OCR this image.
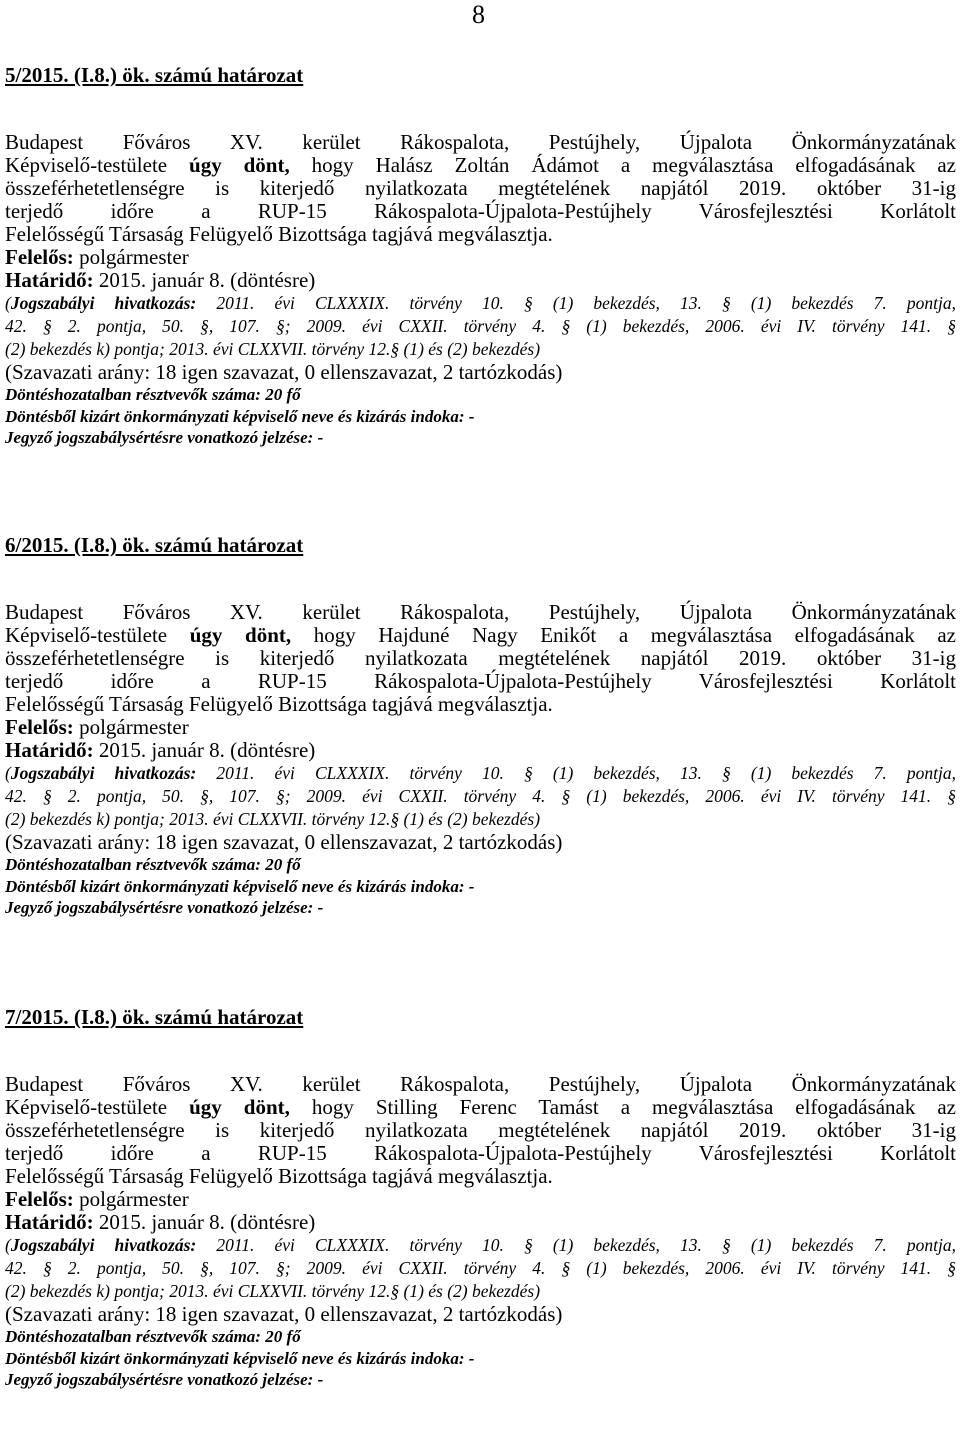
8
5/2015. (I.8.) ök. számú határozat
Budapest Főváros XV. kerület Rákospalota, Pestújhely, Újpalota Önkormányzatának
Képviselő-testülete úgy dönt, hogy Halász Zoltán Ádámot a megválasztása elfogadásának az
összeférhetetlenségre is kiterjedő nyilatkozata megtételének napjától 2019. október 31-ig
terjedő időre a RUP-15 Rákospalota-Újpalota-Pestújhely Városfejlesztési Korlátolt
Felelősségű Társaság Felügyelő Bizottsága tagjává megválasztja.
Felelős: polgármester
Határidő: 2015. január 8. (döntésre)
(Jogszabályi hivatkozás: 2011. évi CLXXXIX. törvény 10. § (1) bekezdés, 13. § (1) bekezdés 7. pontja,
42. § 2. pontja, 50. §, 107. §; 2009. évi CXXII. törvény 4. § (1) bekezdés, 2006. évi IV. törvény 141. §
(2) bekezdés k) pontja; 2013. évi CLXXVII. törvény 12.§ (1) és (2) bekezdés)
(Szavazati arány: 18 igen szavazat, 0 ellenszavazat, 2 tartózkodás)
Döntéshozatalban résztvevők száma: 20 fő
Döntésből kizárt önkormányzati képviselő neve és kizárás indoka: -
Jegyző jogszabálysértésre vonatkozó jelzése: -
6/2015. (I.8.) ök. számú határozat
Budapest Főváros XV. kerület Rákospalota, Pestújhely, Újpalota Önkormányzatának
Képviselő-testülete úgy dönt, hogy Hajduné Nagy Enikőt a megválasztása elfogadásának az
összeférhetetlenségre is kiterjedő nyilatkozata megtételének napjától 2019. október 31-ig
terjedő időre a RUP-15 Rákospalota-Újpalota-Pestújhely Városfejlesztési Korlátolt
Felelősségű Társaság Felügyelő Bizottsága tagjává megválasztja.
Felelős: polgármester
Határidő: 2015. január 8. (döntésre)
(Jogszabályi hivatkozás: 2011. évi CLXXXIX. törvény 10. § (1) bekezdés, 13. § (1) bekezdés 7. pontja,
42. § 2. pontja, 50. §, 107. §; 2009. évi CXXII. törvény 4. § (1) bekezdés, 2006. évi IV. törvény 141. §
(2) bekezdés k) pontja; 2013. évi CLXXVII. törvény 12.§ (1) és (2) bekezdés)
(Szavazati arány: 18 igen szavazat, 0 ellenszavazat, 2 tartózkodás)
Döntéshozatalban résztvevők száma: 20 fő
Döntésből kizárt önkormányzati képviselő neve és kizárás indoka: -
Jegyző jogszabálysértésre vonatkozó jelzése: -
7/2015. (I.8.) ök. számú határozat
Budapest Főváros XV. kerület Rákospalota, Pestújhely, Újpalota Önkormányzatának
Képviselő-testülete úgy dönt, hogy Stilling Ferenc Tamást a megválasztása elfogadásának az
összeférhetetlenségre is kiterjedő nyilatkozata megtételének napjától 2019. október 31-ig
terjedő időre a RUP-15 Rákospalota-Újpalota-Pestújhely Városfejlesztési Korlátolt
Felelősségű Társaság Felügyelő Bizottsága tagjává megválasztja.
Felelős: polgármester
Határidő: 2015. január 8. (döntésre)
(Jogszabályi hivatkozás: 2011. évi CLXXXIX. törvény 10. § (1) bekezdés, 13. § (1) bekezdés 7. pontja,
42. § 2. pontja, 50. §, 107. §; 2009. évi CXXII. törvény 4. § (1) bekezdés, 2006. évi IV. törvény 141. §
(2) bekezdés k) pontja; 2013. évi CLXXVII. törvény 12.§ (1) és (2) bekezdés)
(Szavazati arány: 18 igen szavazat, 0 ellenszavazat, 2 tartózkodás)
Döntéshozatalban résztvevők száma: 20 fő
Döntésből kizárt önkormányzati képviselő neve és kizárás indoka: -
Jegyző jogszabálysértésre vonatkozó jelzése: -
